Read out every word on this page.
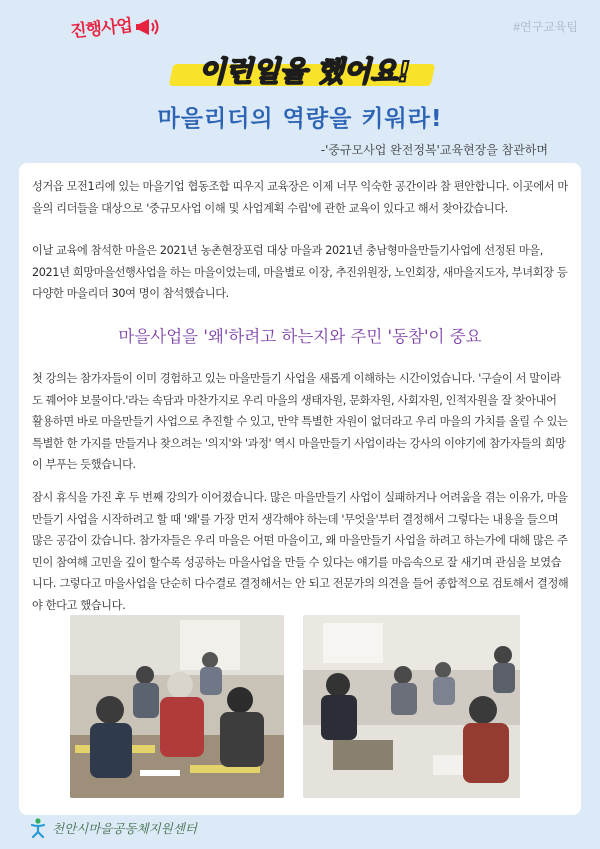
진행사업	#연구교육팀
이런일을 했어요!
마을리더의 역량을 키워라!
-'중규모사업 완전정복'교육현장을 참관하며

성거읍 모전1리에 있는 마을기업 협동조합 띠우지 교육장은 이제 너무 익숙한 공간이라 참 편안합니다. 이곳에서 마을의 리더들을 대상으로 '중규모사업 이해 및 사업계획 수립'에 관한 교육이 있다고 해서 찾아갔습니다.

이날 교육에 참석한 마을은 2021년 농촌현장포럼 대상 마을과 2021년 충남형마을만들기사업에 선정된 마을, 2021년 희망마을선행사업을 하는 마을이었는데, 마을별로 이장, 추진위원장, 노인회장, 새마을지도자, 부녀회장 등 다양한 마을리더 30여 명이 참석했습니다.

마을사업을 '왜'하려고 하는지와 주민 '동참'이 중요

첫 강의는 참가자들이 이미 경험하고 있는 마을만들기 사업을 새롭게 이해하는 시간이었습니다. '구슬이 서 말이라도 꿰어야 보물이다.'라는 속담과 마찬가지로 우리 마을의 생태자원, 문화자원, 사회자원, 인적자원을 잘 찾아내어 활용하면 바로 마을만들기 사업으로 추진할 수 있고, 만약 특별한 자원이 없더라고 우리 마을의 가치를 올릴 수 있는 특별한 한 가지를 만들거나 찾으려는 '의지'와 '과정' 역시 마을만들기 사업이라는 강사의 이야기에 참가자들의 희망이 부푸는 듯했습니다.

잠시 휴식을 가진 후 두 번째 강의가 이어졌습니다. 많은 마을만들기 사업이 실패하거나 어려움을 겪는 이유가, 마을만들기 사업을 시작하려고 할 때 '왜'를 가장 먼저 생각해야 하는데 '무엇을'부터 결정해서 그렇다는 내용을 들으며 많은 공감이 갔습니다. 참가자들은 우리 마을은 어떤 마을이고, 왜 마을만들기 사업을 하려고 하는가에 대해 많은 주민이 참여해 고민을 깊이 할수록 성공하는 마을사업을 만들 수 있다는 얘기를 마음속으로 잘 새기며 관심을 보였습니다. 그렇다고 마을사업을 단순히 다수결로 결정해서는 안 되고 전문가의 의견을 들어 종합적으로 검토해서 결정해야 한다고 했습니다.

천안시마을공동체지원센터
